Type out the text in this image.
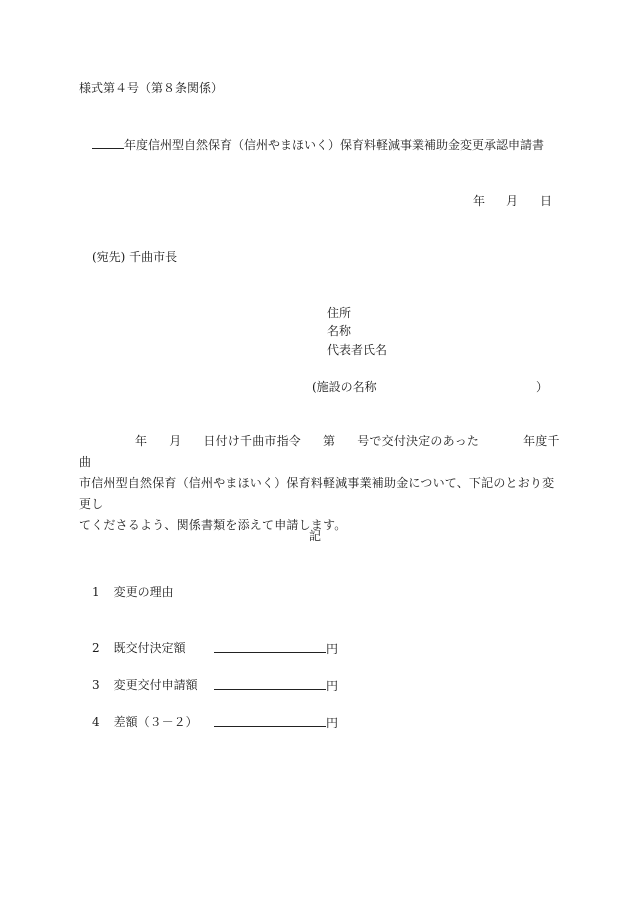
様式第４号（第８条関係）
年度信州型自然保育（信州やまほいく）保育料軽減事業補助金変更承認申請書
年 月 日
(宛先) 千曲市長
住所
名称
代表者氏名
(施設の名称	）
年 月 日付け千曲市指令 第 号で交付決定のあった	年度千曲
市信州型自然保育（信州やまほいく）保育料軽減事業補助金について、下記のとおり変更し
てくださるよう、関係書類を添えて申請します。
記
1 変更の理由
2 既交付決定額	円
3 変更交付申請額	円
4 差額（３－２）	円
